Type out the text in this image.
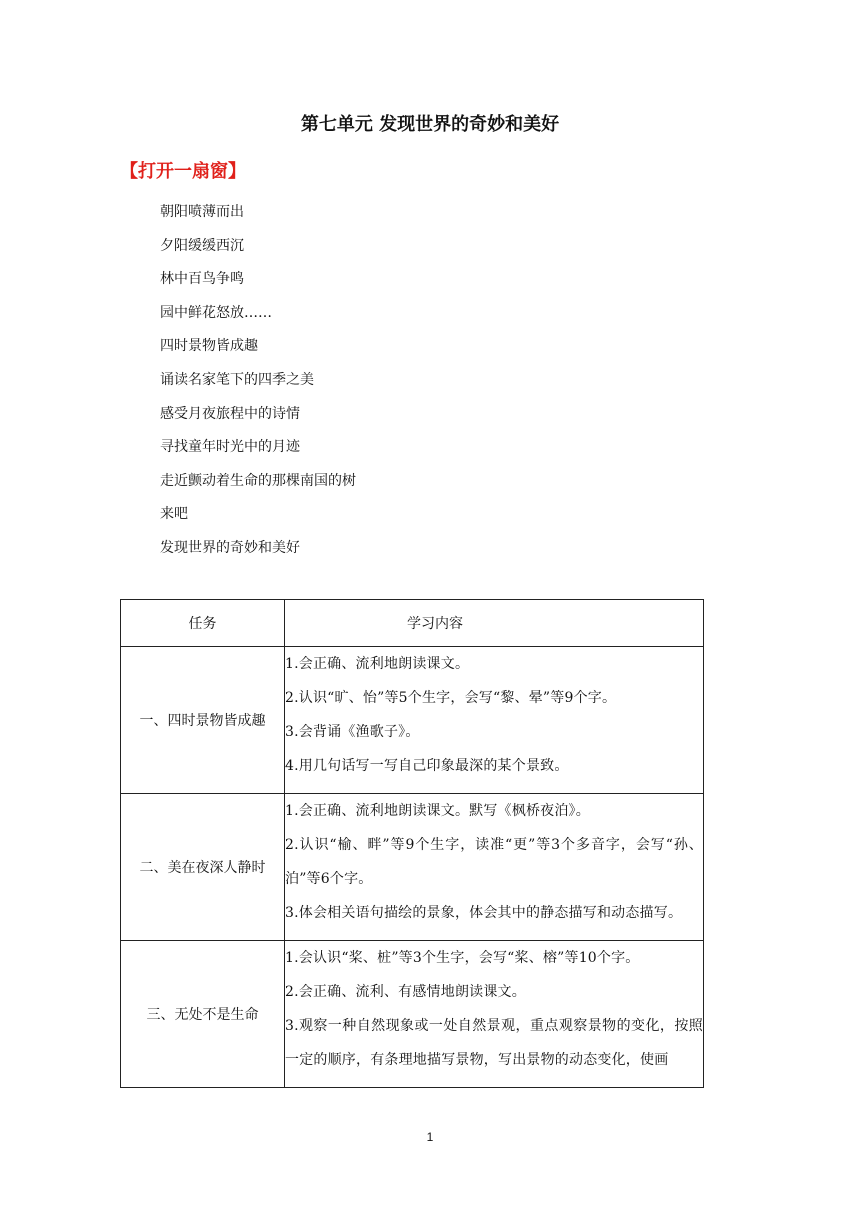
第七单元 发现世界的奇妙和美好
【打开一扇窗】
朝阳喷薄而出
夕阳缓缓西沉
林中百鸟争鸣
园中鲜花怒放……
四时景物皆成趣
诵读名家笔下的四季之美
感受月夜旅程中的诗情
寻找童年时光中的月迹
走近颤动着生命的那棵南国的树
来吧
发现世界的奇妙和美好
任务	学习内容
一、四时景物皆成趣	1.会正确、流利地朗读课文。

2.认识“旷、怡”等5个生字，会写“黎、晕”等9个字。

3.会背诵《渔歌子》。

4.用几句话写一写自己印象最深的某个景致。

二、美在夜深人静时	1.会正确、流利地朗读课文。默写《枫桥夜泊》。

2.认识“榆、畔”等9个生字，读准“更”等3个多音字，会写“孙、泊”等6个字。

3.体会相关语句描绘的景象，体会其中的静态描写和动态描写。

三、无处不是生命	1.会认识“桨、桩”等3个生字，会写“桨、榕”等10个字。

2.会正确、流利、有感情地朗读课文。

3.观察一种自然现象或一处自然景观，重点观察景物的变化，按照一定的顺序，有条理地描写景物，写出景物的动态变化，使画

1
